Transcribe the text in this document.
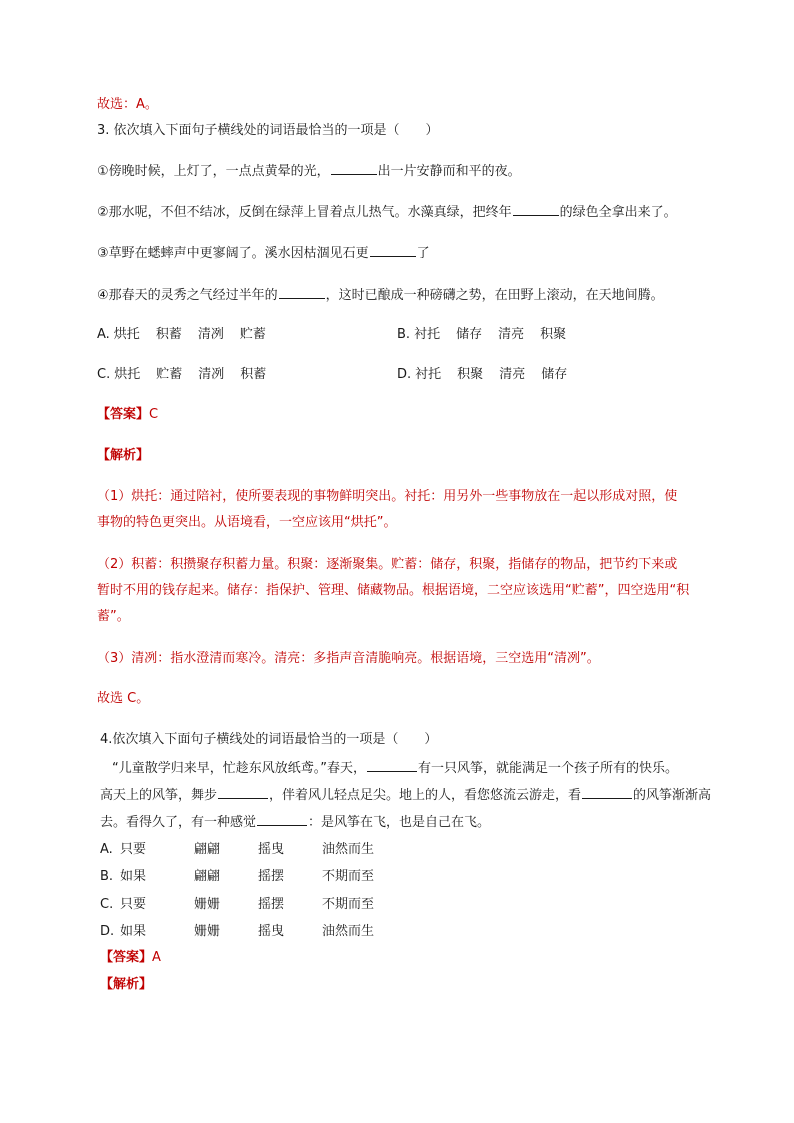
故选：A。
3. 依次填入下面句子横线处的词语最恰当的一项是（　　）
①傍晚时候，上灯了，一点点黄晕的光，	出一片安静而和平的夜。
②那水呢，不但不结冰，反倒在绿萍上冒着点儿热气。水藻真绿，把终年	的绿色全拿出来了。
③草野在蟋蟀声中更寥阔了。溪水因枯涸见石更	了
④那春天的灵秀之气经过半年的	，这时已酿成一种磅礴之势，在田野上滚动，在天地间腾。
A. 烘托 积蓄 清冽 贮蓄	B. 衬托 储存 清亮 积聚
C. 烘托 贮蓄 清冽 积蓄	D. 衬托 积聚 清亮 储存
【答案】C
【解析】
（1）烘托：通过陪衬，使所要表现的事物鲜明突出。衬托：用另外一些事物放在一起以形成对照，使
事物的特色更突出。从语境看，一空应该用“烘托”。
（2）积蓄：积攒聚存积蓄力量。积聚：逐渐聚集。贮蓄：储存，积聚，指储存的物品，把节约下来或
暂时不用的钱存起来。储存：指保护、管理、储藏物品。根据语境，二空应该选用“贮蓄”，四空选用“积
蓄”。
（3）清冽：指水澄清而寒冷。清亮：多指声音清脆响亮。根据语境，三空选用“清冽”。
故选 C。
4.依次填入下面句子横线处的词语最恰当的一项是（　　）
“儿童散学归来早，忙趁东风放纸鸢。”春天，	有一只风筝，就能满足一个孩子所有的快乐。
高天上的风筝，舞步	，伴着风儿轻点足尖。地上的人，看您悠流云游走，看	的风筝渐渐高
去。看得久了，有一种感觉	：是风筝在飞，也是自己在飞。
A. 只要	翩翩	摇曳	油然而生
B. 如果	翩翩	摇摆	不期而至
C. 只要	姗姗	摇摆	不期而至
D. 如果	姗姗	摇曳	油然而生
【答案】A
【解析】
